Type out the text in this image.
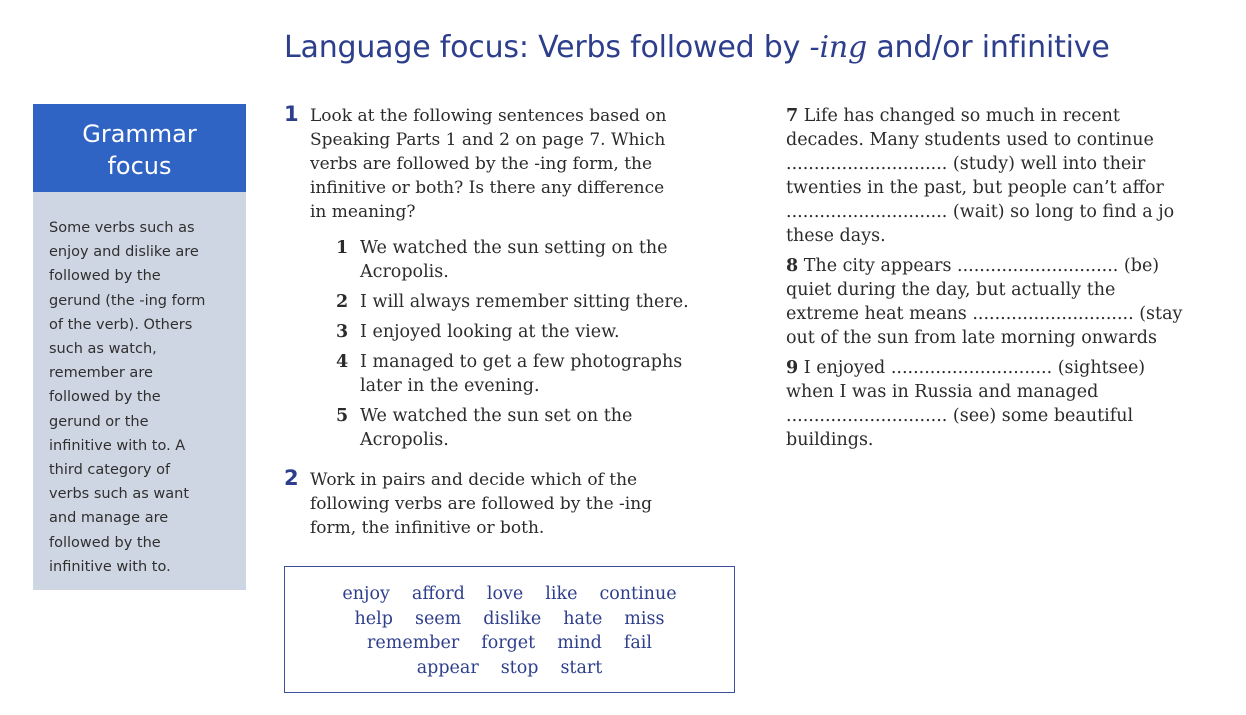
Language focus: Verbs followed by -ing and/or infinitive
Grammar
focus

Some verbs such as
enjoy and dislike are
followed by the
gerund (the -ing form
of the verb). Others
such as watch,
remember are
followed by the
gerund or the
infinitive with to. A
third category of
verbs such as want
and manage are
followed by the
infinitive with to.

1 Look at the following sentences based on
Speaking Parts 1 and 2 on page 7. Which
verbs are followed by the -ing form, the
infinitive or both? Is there any difference
in meaning?
1 We watched the sun setting on the
Acropolis.
2 I will always remember sitting there.
3 I enjoyed looking at the view.
4 I managed to get a few photographs
later in the evening.
5 We watched the sun set on the
Acropolis.
2 Work in pairs and decide which of the
following verbs are followed by the -ing
form, the infinitive or both.
enjoy afford love like continue
help seem dislike hate miss
remember forget mind fail
appear stop start
7 Life has changed so much in recent
decades. Many students used to continue
............................. (study) well into their
twenties in the past, but people can’t affor
............................. (wait) so long to find a jo
these days.
8 The city appears ............................. (be)
quiet during the day, but actually the
extreme heat means ............................. (stay
out of the sun from late morning onwards
9 I enjoyed ............................. (sightsee)
when I was in Russia and managed
............................. (see) some beautiful
buildings.
